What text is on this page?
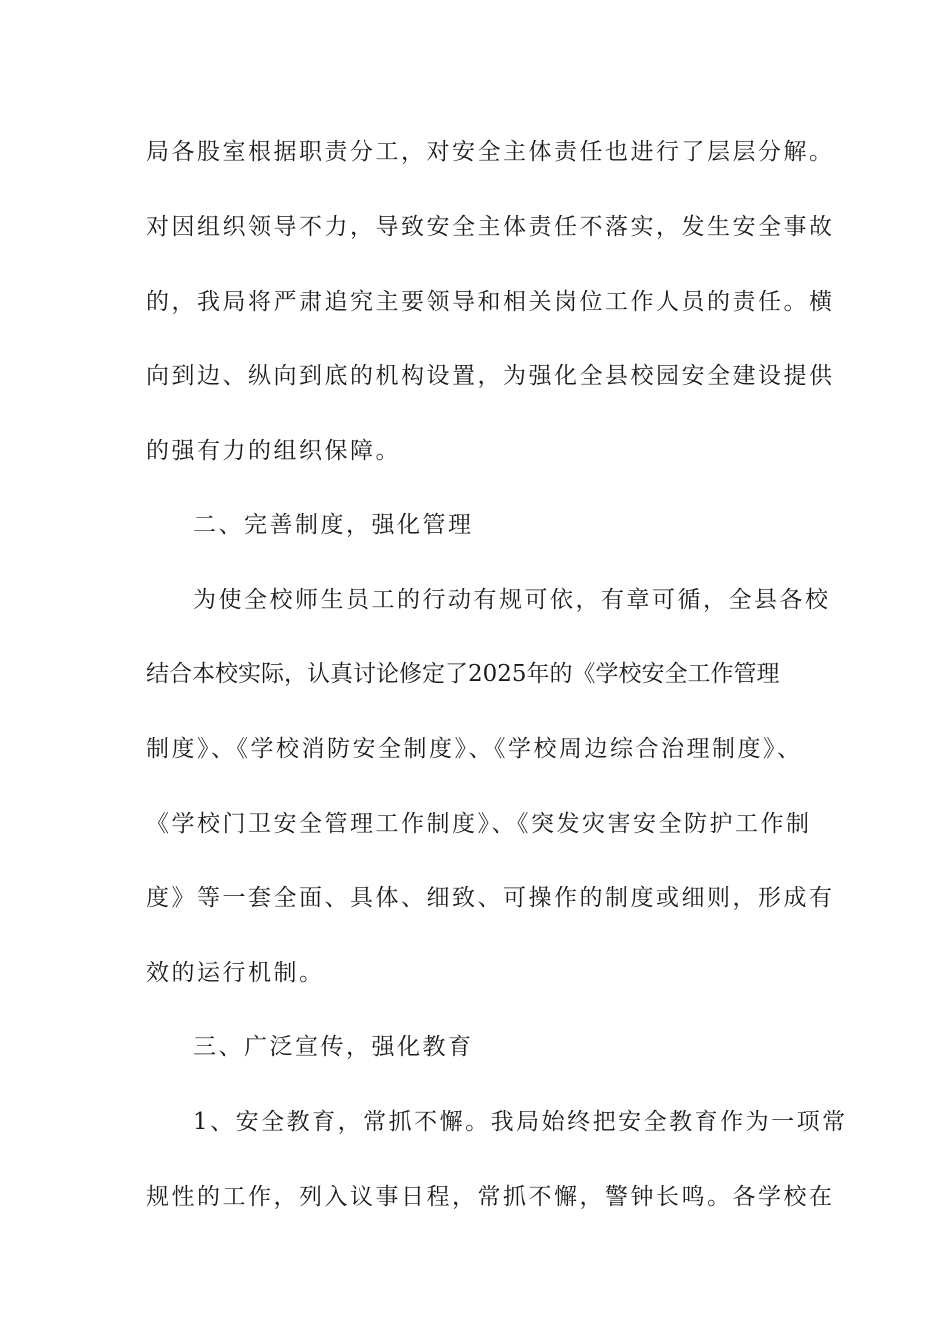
局各股室根据职责分工，对安全主体责任也进行了层层分解。
对因组织领导不力，导致安全主体责任不落实，发生安全事故
的，我局将严肃追究主要领导和相关岗位工作人员的责任。横
向到边、纵向到底的机构设置，为强化全县校园安全建设提供
的强有力的组织保障。
二、完善制度，强化管理
为使全校师生员工的行动有规可依，有章可循，全县各校
结合本校实际，认真讨论修定了2025年的《学校安全工作管理
制度》、《学校消防安全制度》、《学校周边综合治理制度》、
《学校门卫安全管理工作制度》、《突发灾害安全防护工作制
度》等一套全面、具体、细致、可操作的制度或细则，形成有
效的运行机制。
三、广泛宣传，强化教育
1、安全教育，常抓不懈。我局始终把安全教育作为一项常
规性的工作，列入议事日程，常抓不懈，警钟长鸣。各学校在
